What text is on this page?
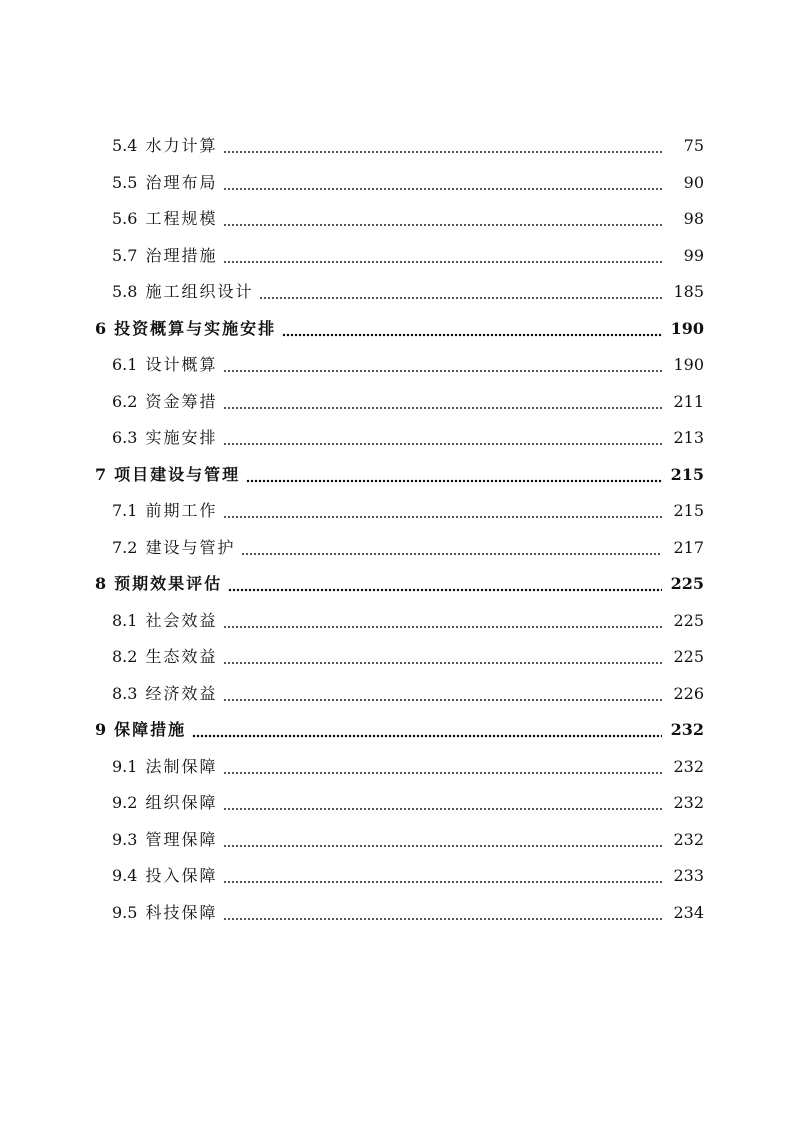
5.4 水力计算	75
5.5 治理布局	90
5.6 工程规模	98
5.7 治理措施	99
5.8 施工组织设计	185
6 投资概算与实施安排	190
6.1 设计概算	190
6.2 资金筹措	211
6.3 实施安排	213
7 项目建设与管理	215
7.1 前期工作	215
7.2 建设与管护	217
8 预期效果评估	225
8.1 社会效益	225
8.2 生态效益	225
8.3 经济效益	226
9 保障措施	232
9.1 法制保障	232
9.2 组织保障	232
9.3 管理保障	232
9.4 投入保障	233
9.5 科技保障	234
